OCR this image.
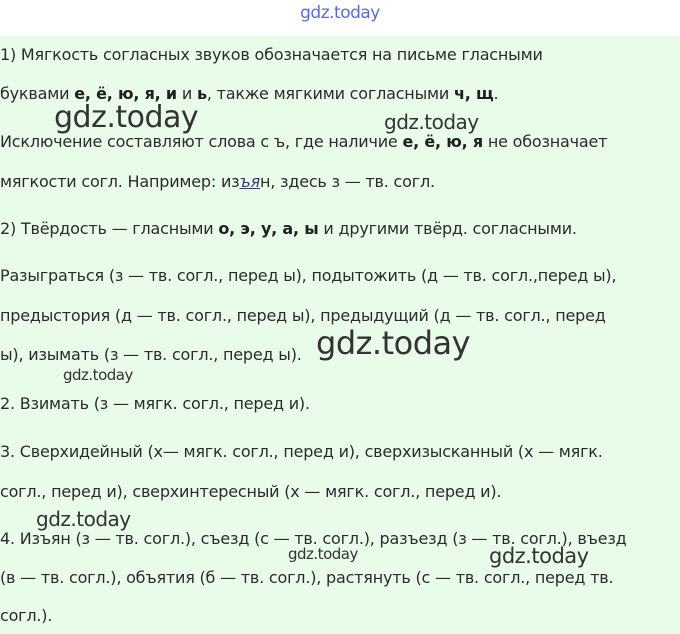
gdz.today
1) Мягкость согласных звуков обозначается на письме гласными
буквами е, ё, ю, я, и и ь, также мягкими согласными ч, щ.
Исключение составляют слова с ъ, где наличие е, ё, ю, я не обозначает
мягкости согл. Например: изъян, здесь з — тв. согл.
2) Твёрдость — гласными о, э, у, а, ы и другими твёрд. согласными.
Разыграться (з — тв. согл., перед ы), подытожить (д — тв. согл.,перед ы),
предыстория (д — тв. согл., перед ы), предыдущий (д — тв. согл., перед
ы), изымать (з — тв. согл., перед ы).
2. Взимать (з — мягк. согл., перед и).
3. Сверхидейный (х— мягк. согл., перед и), сверхизысканный (х — мягк.
согл., перед и), сверхинтересный (х — мягк. согл., перед и).
4. Изъян (з — тв. согл.), съезд (с — тв. согл.), разъезд (з — тв. согл.), въезд
(в — тв. согл.), объятия (б — тв. согл.), растянуть (с — тв. согл., перед тв.
согл.).
gdz.today	gdz.today
gdz.today
gdz.today
gdz.today
gdz.today	gdz.today
